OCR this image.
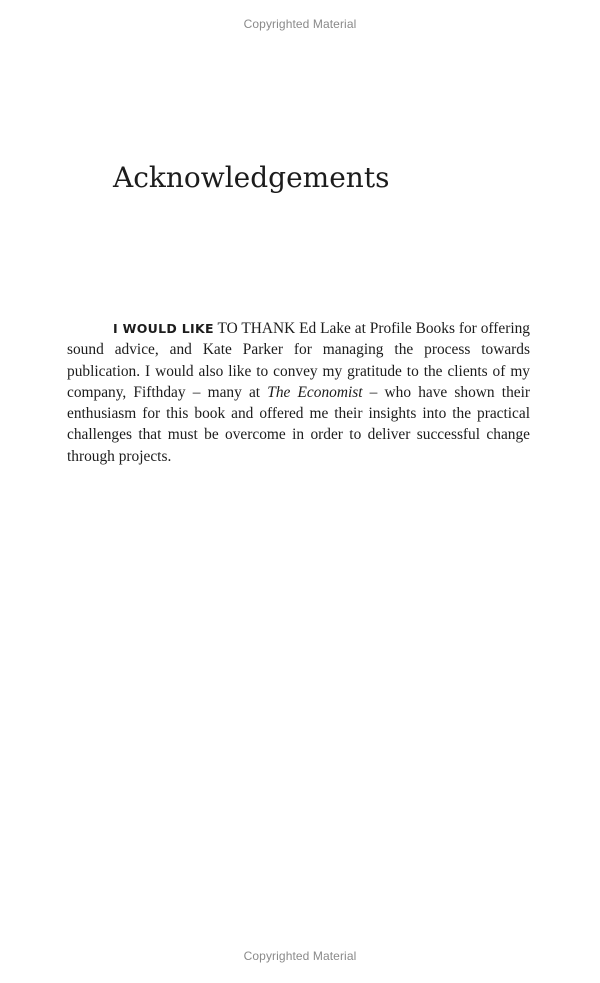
Copyrighted Material
Acknowledgements

I WOULD LIKE TO THANK Ed Lake at Profile Books for offering sound advice, and Kate Parker for managing the process towards publication. I would also like to convey my gratitude to the clients of my company, Fifthday – many at The Economist – who have shown their enthusiasm for this book and offered me their insights into the practical challenges that must be overcome in order to deliver successful change through projects.

Copyrighted Material
